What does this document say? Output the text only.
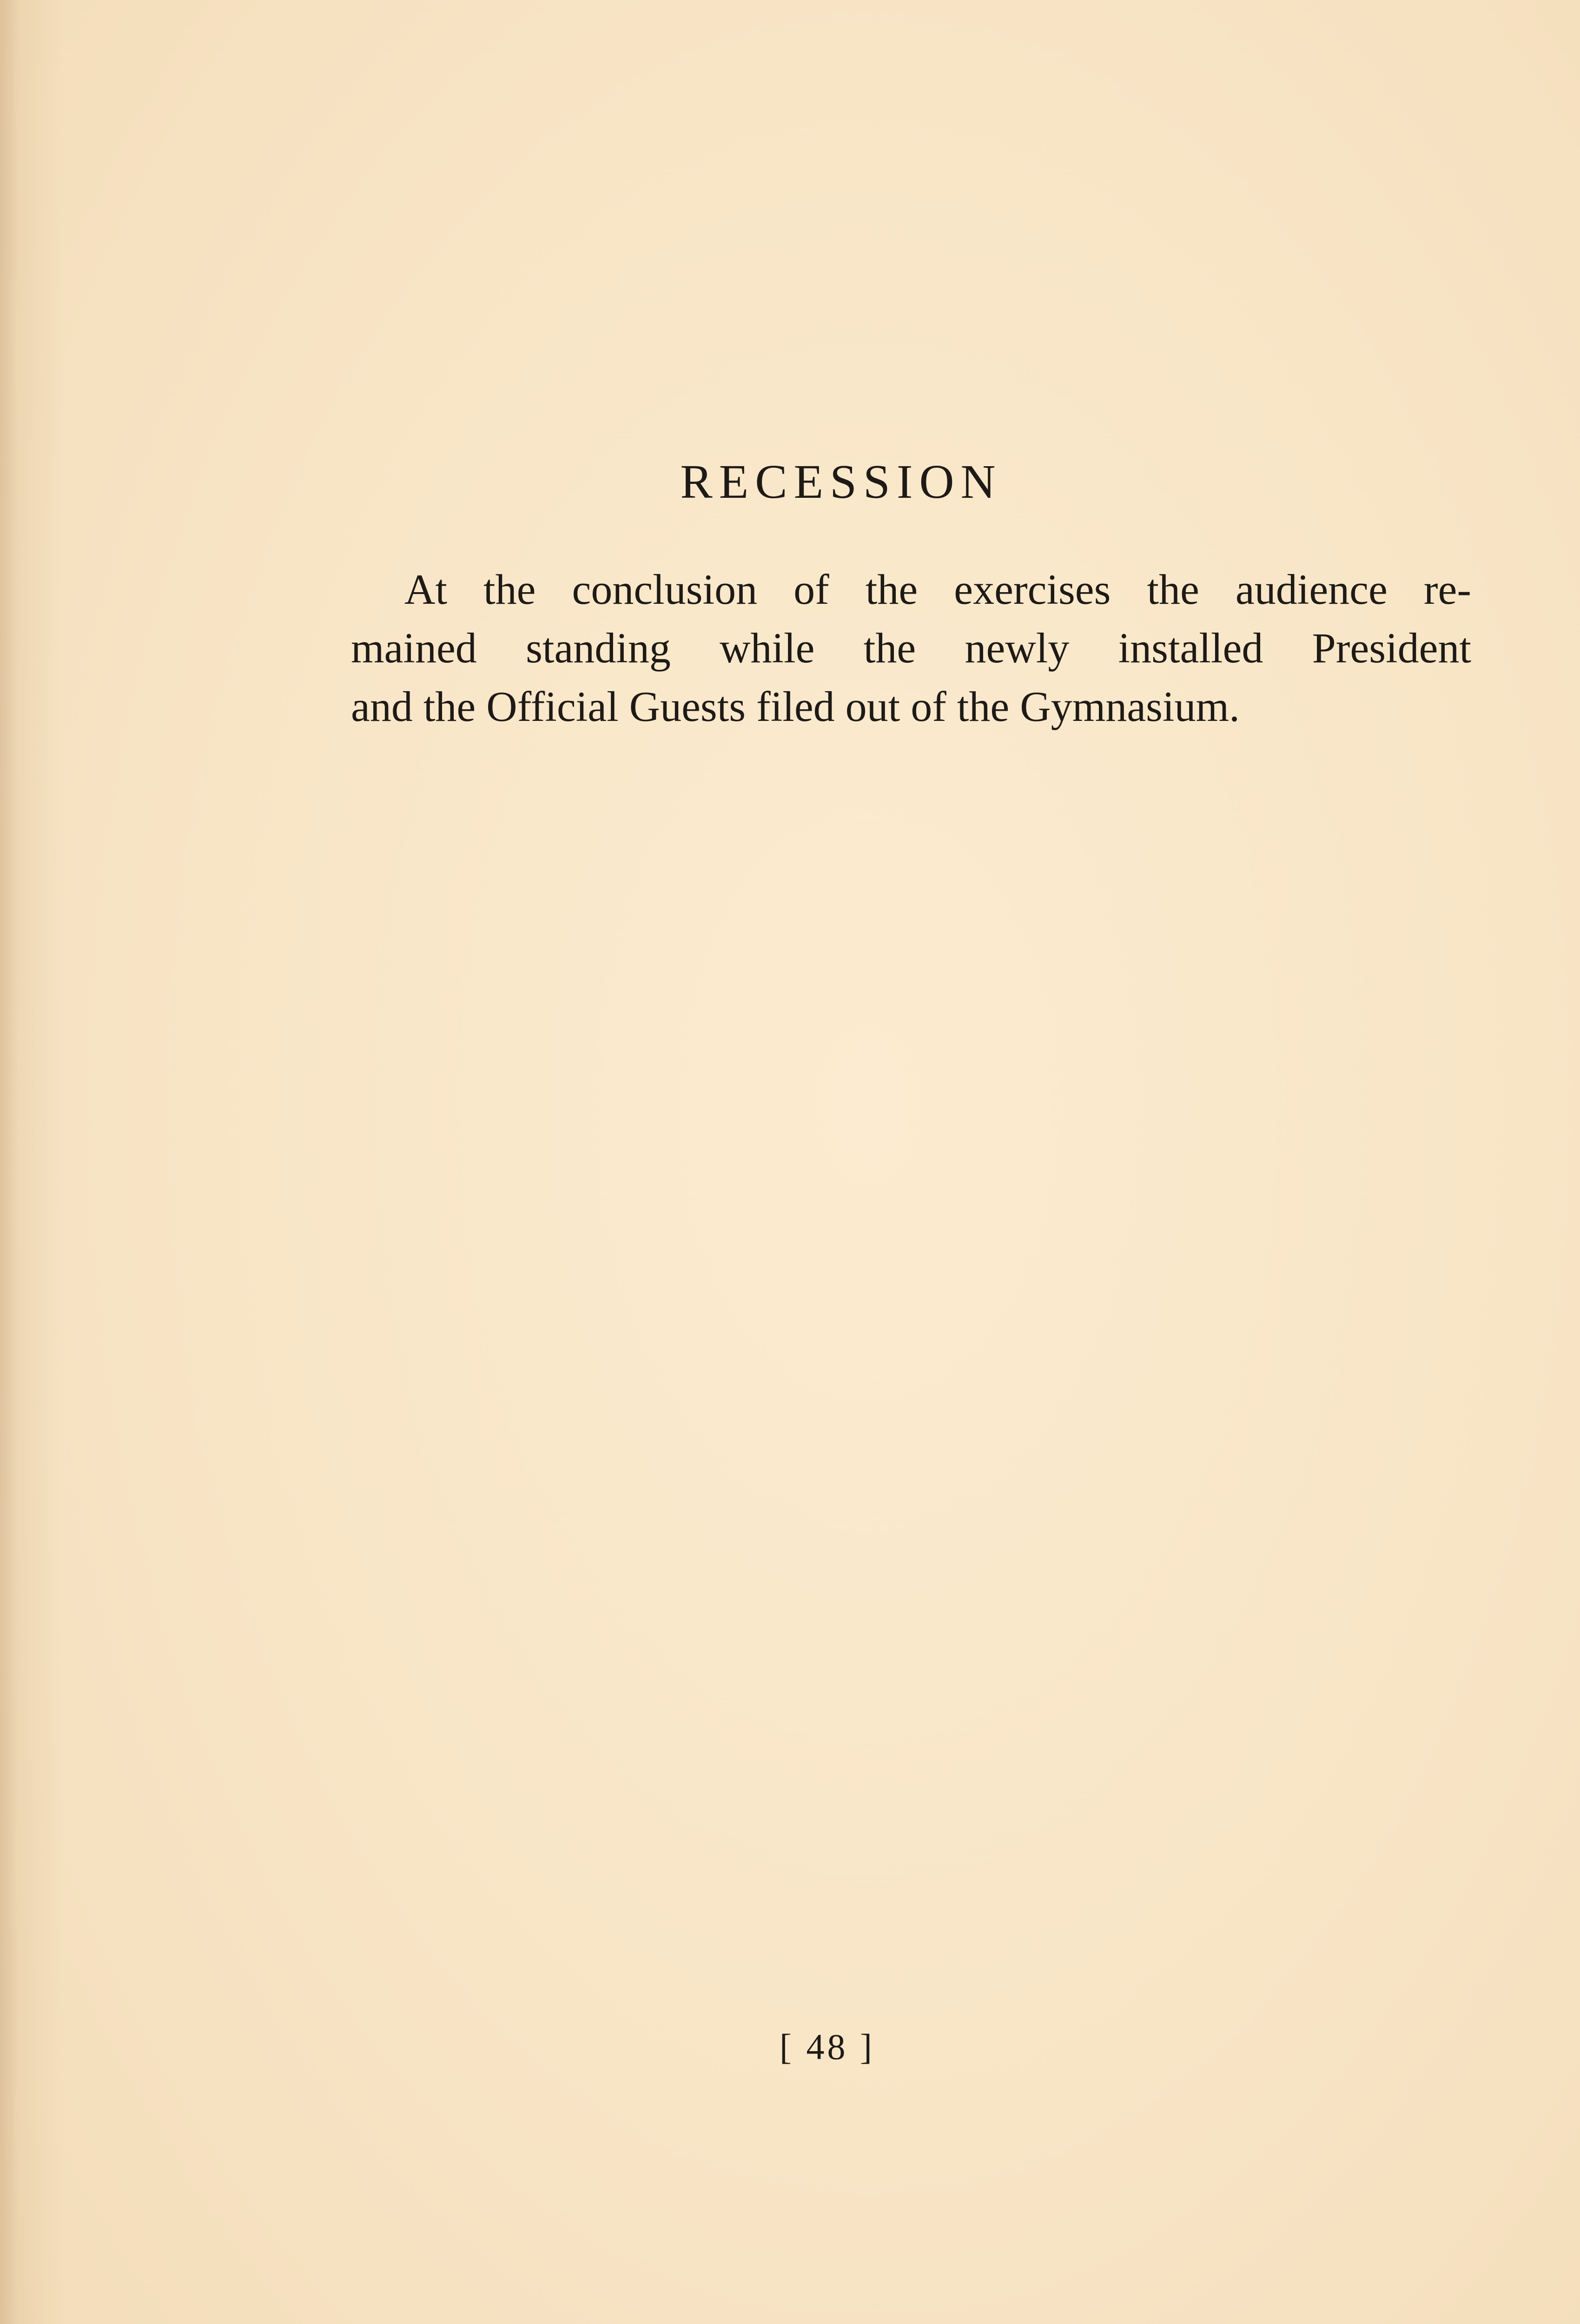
RECESSION

At the conclusion of the exercises the audience re-
mained standing while the newly installed President
and the Official Guests filed out of the Gymnasium.

[ 48 ]
